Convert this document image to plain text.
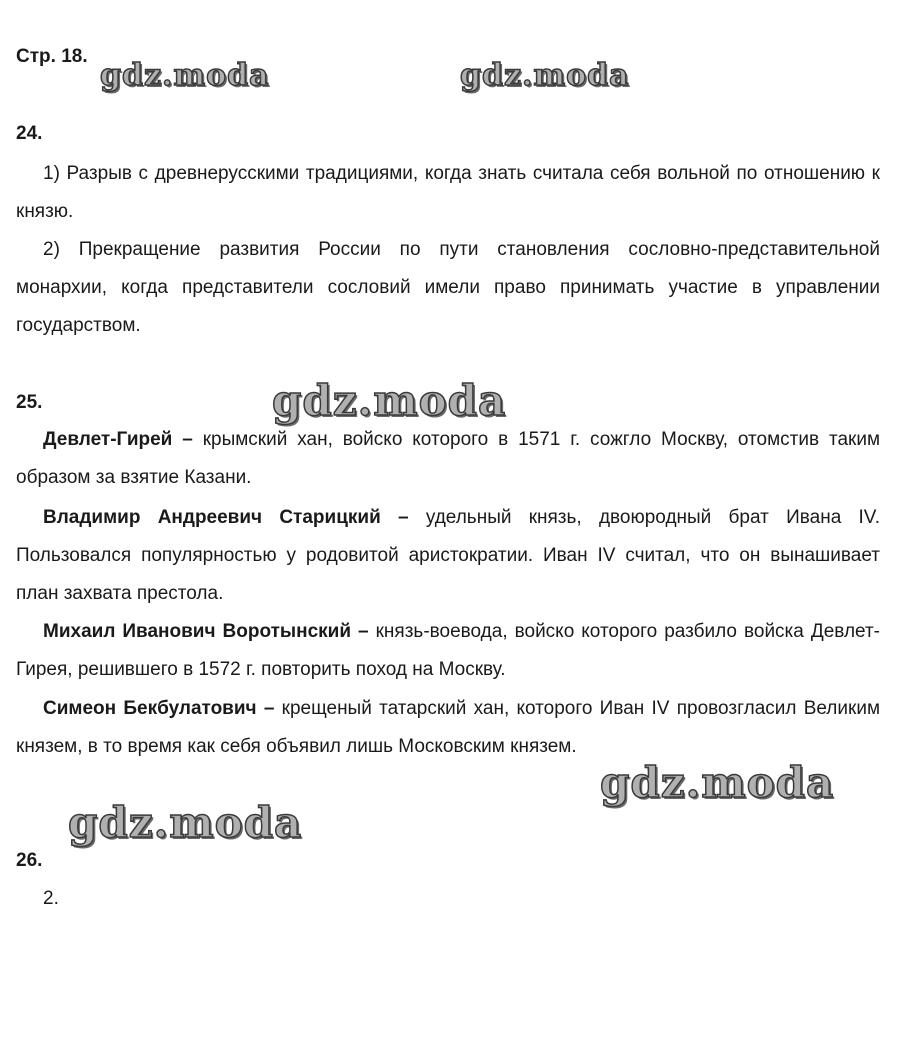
Стр. 18.
gdz.moda	gdz.moda
24.

1) Разрыв с древнерусскими традициями, когда знать считала себя вольной по отношению к князю.

2) Прекращение развития России по пути становления сословно-представительной монархии, когда представители сословий имели право принимать участие в управлении государством.

25.	gdz.moda

Девлет-Гирей – крымский хан, войско которого в 1571 г. сожгло Москву, отомстив таким образом за взятие Казани.

Владимир Андреевич Старицкий – удельный князь, двоюродный брат Ивана IV. Пользовался популярностью у родовитой аристократии. Иван IV считал, что он вынашивает план захвата престола.

Михаил Иванович Воротынский – князь-воевода, войско которого разбило войска Девлет-Гирея, решившего в 1572 г. повторить поход на Москву.

Симеон Бекбулатович – крещеный татарский хан, которого Иван IV провозгласил Великим князем, в то время как себя объявил лишь Московским князем.

gdz.moda
gdz.moda
26.
2.
